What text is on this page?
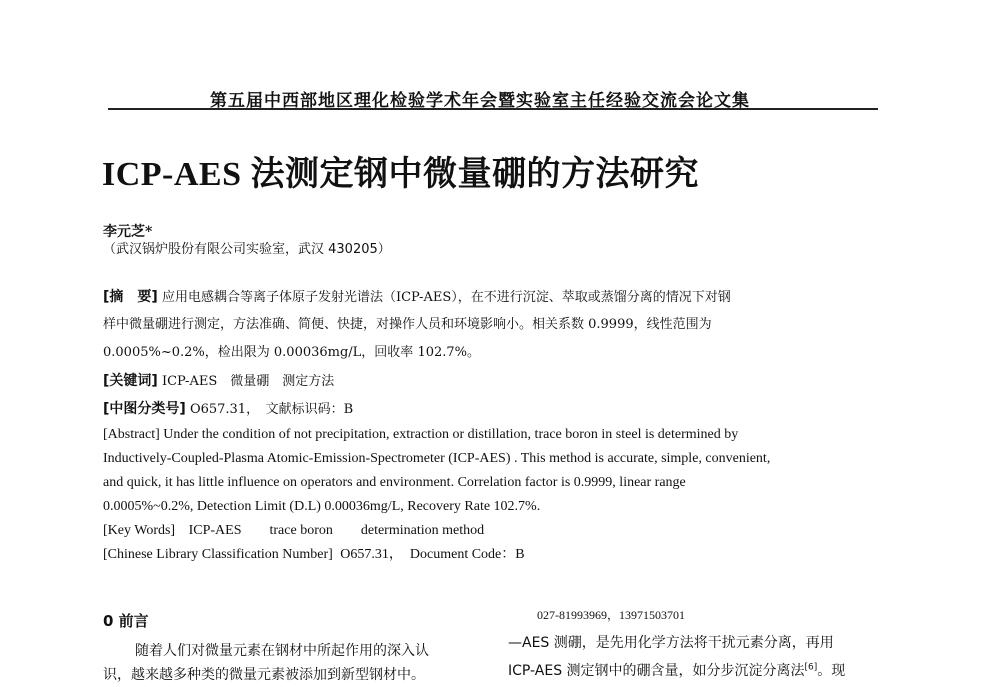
第五届中西部地区理化检验学术年会暨实验室主任经验交流会论文集
ICP-AES 法测定钢中微量硼的方法研究
李元芝*
（武汉锅炉股份有限公司实验室，武汉 430205）
[摘　要] 应用电感耦合等离子体原子发射光谱法（ICP-AES），在不进行沉淀、萃取或蒸馏分离的情况下对钢
样中微量硼进行测定，方法准确、简便、快捷，对操作人员和环境影响小。相关系数 0.9999，线性范围为
0.0005%~0.2%，检出限为 0.00036mg/L，回收率 102.7%。
[关键词] ICP-AES　微量硼　测定方法
[中图分类号] O657.31，　文献标识码：B
[Abstract] Under the condition of not precipitation, extraction or distillation, trace boron in steel is determined by
Inductively-Coupled-Plasma Atomic-Emission-Spectrometer (ICP-AES) . This method is accurate, simple, convenient,
and quick, it has little influence on operators and environment. Correlation factor is 0.9999, linear range
0.0005%~0.2%, Detection Limit (D.L) 0.00036mg/L, Recovery Rate 102.7%.
[Key Words] ICP-AES　　trace boron　　determination method
[Chinese Library Classification Number] O657.31，　Document Code：B
0 前言
随着人们对微量元素在钢材中所起作用的深入认
识，越来越多种类的微量元素被添加到新型钢材中。
027-81993969，13971503701
—AES 测硼，是先用化学方法将干扰元素分离，再用
ICP-AES 测定钢中的硼含量，如分步沉淀分离法[6]。现
